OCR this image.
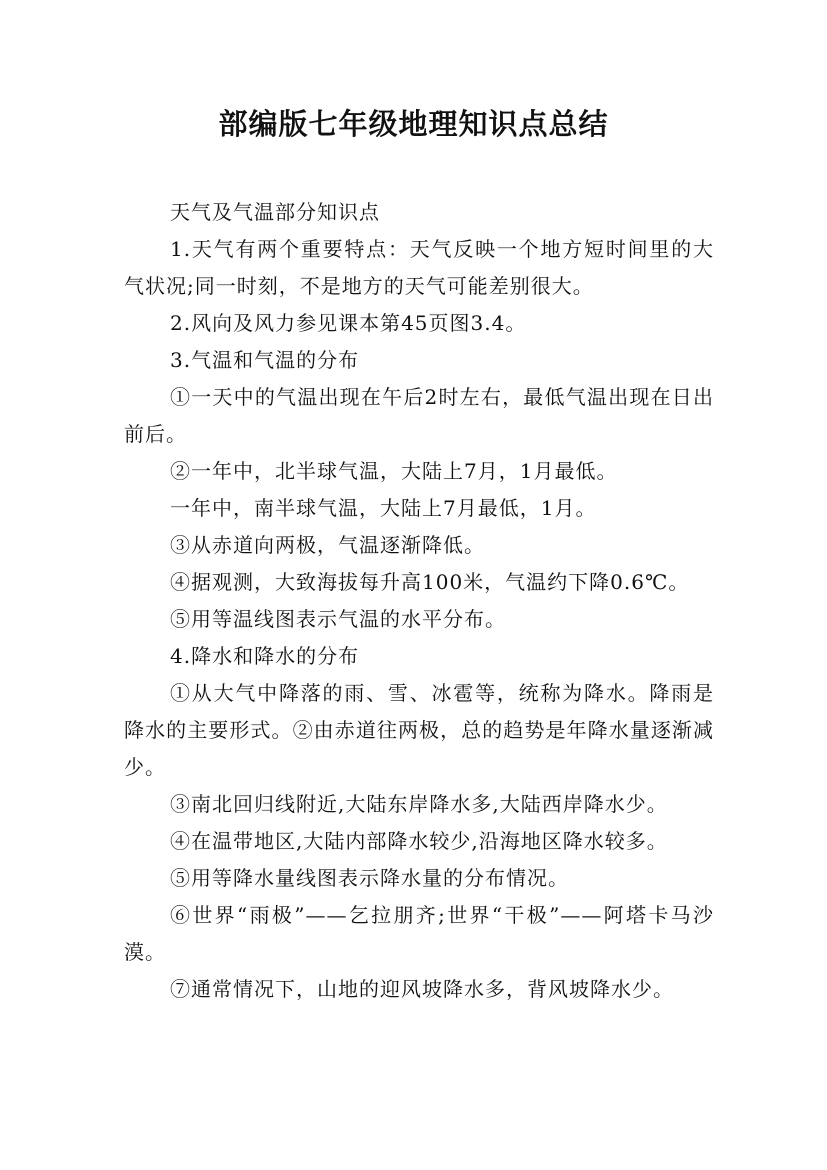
部编版七年级地理知识点总结

天气及气温部分知识点

1.天气有两个重要特点：天气反映一个地方短时间里的大气状况;同一时刻，不是地方的天气可能差别很大。

2.风向及风力参见课本第45页图3.4。

3.气温和气温的分布

①一天中的气温出现在午后2时左右，最低气温出现在日出前后。

②一年中，北半球气温，大陆上7月，1月最低。

一年中，南半球气温，大陆上7月最低，1月。

③从赤道向两极，气温逐渐降低。

④据观测，大致海拔每升高100米，气温约下降0.6℃。

⑤用等温线图表示气温的水平分布。

4.降水和降水的分布

①从大气中降落的雨、雪、冰雹等，统称为降水。降雨是降水的主要形式。②由赤道往两极，总的趋势是年降水量逐渐减少。

③南北回归线附近,大陆东岸降水多,大陆西岸降水少。

④在温带地区,大陆内部降水较少,沿海地区降水较多。

⑤用等降水量线图表示降水量的分布情况。

⑥世界“雨极”——乞拉朋齐;世界“干极”——阿塔卡马沙漠。

⑦通常情况下，山地的迎风坡降水多，背风坡降水少。
